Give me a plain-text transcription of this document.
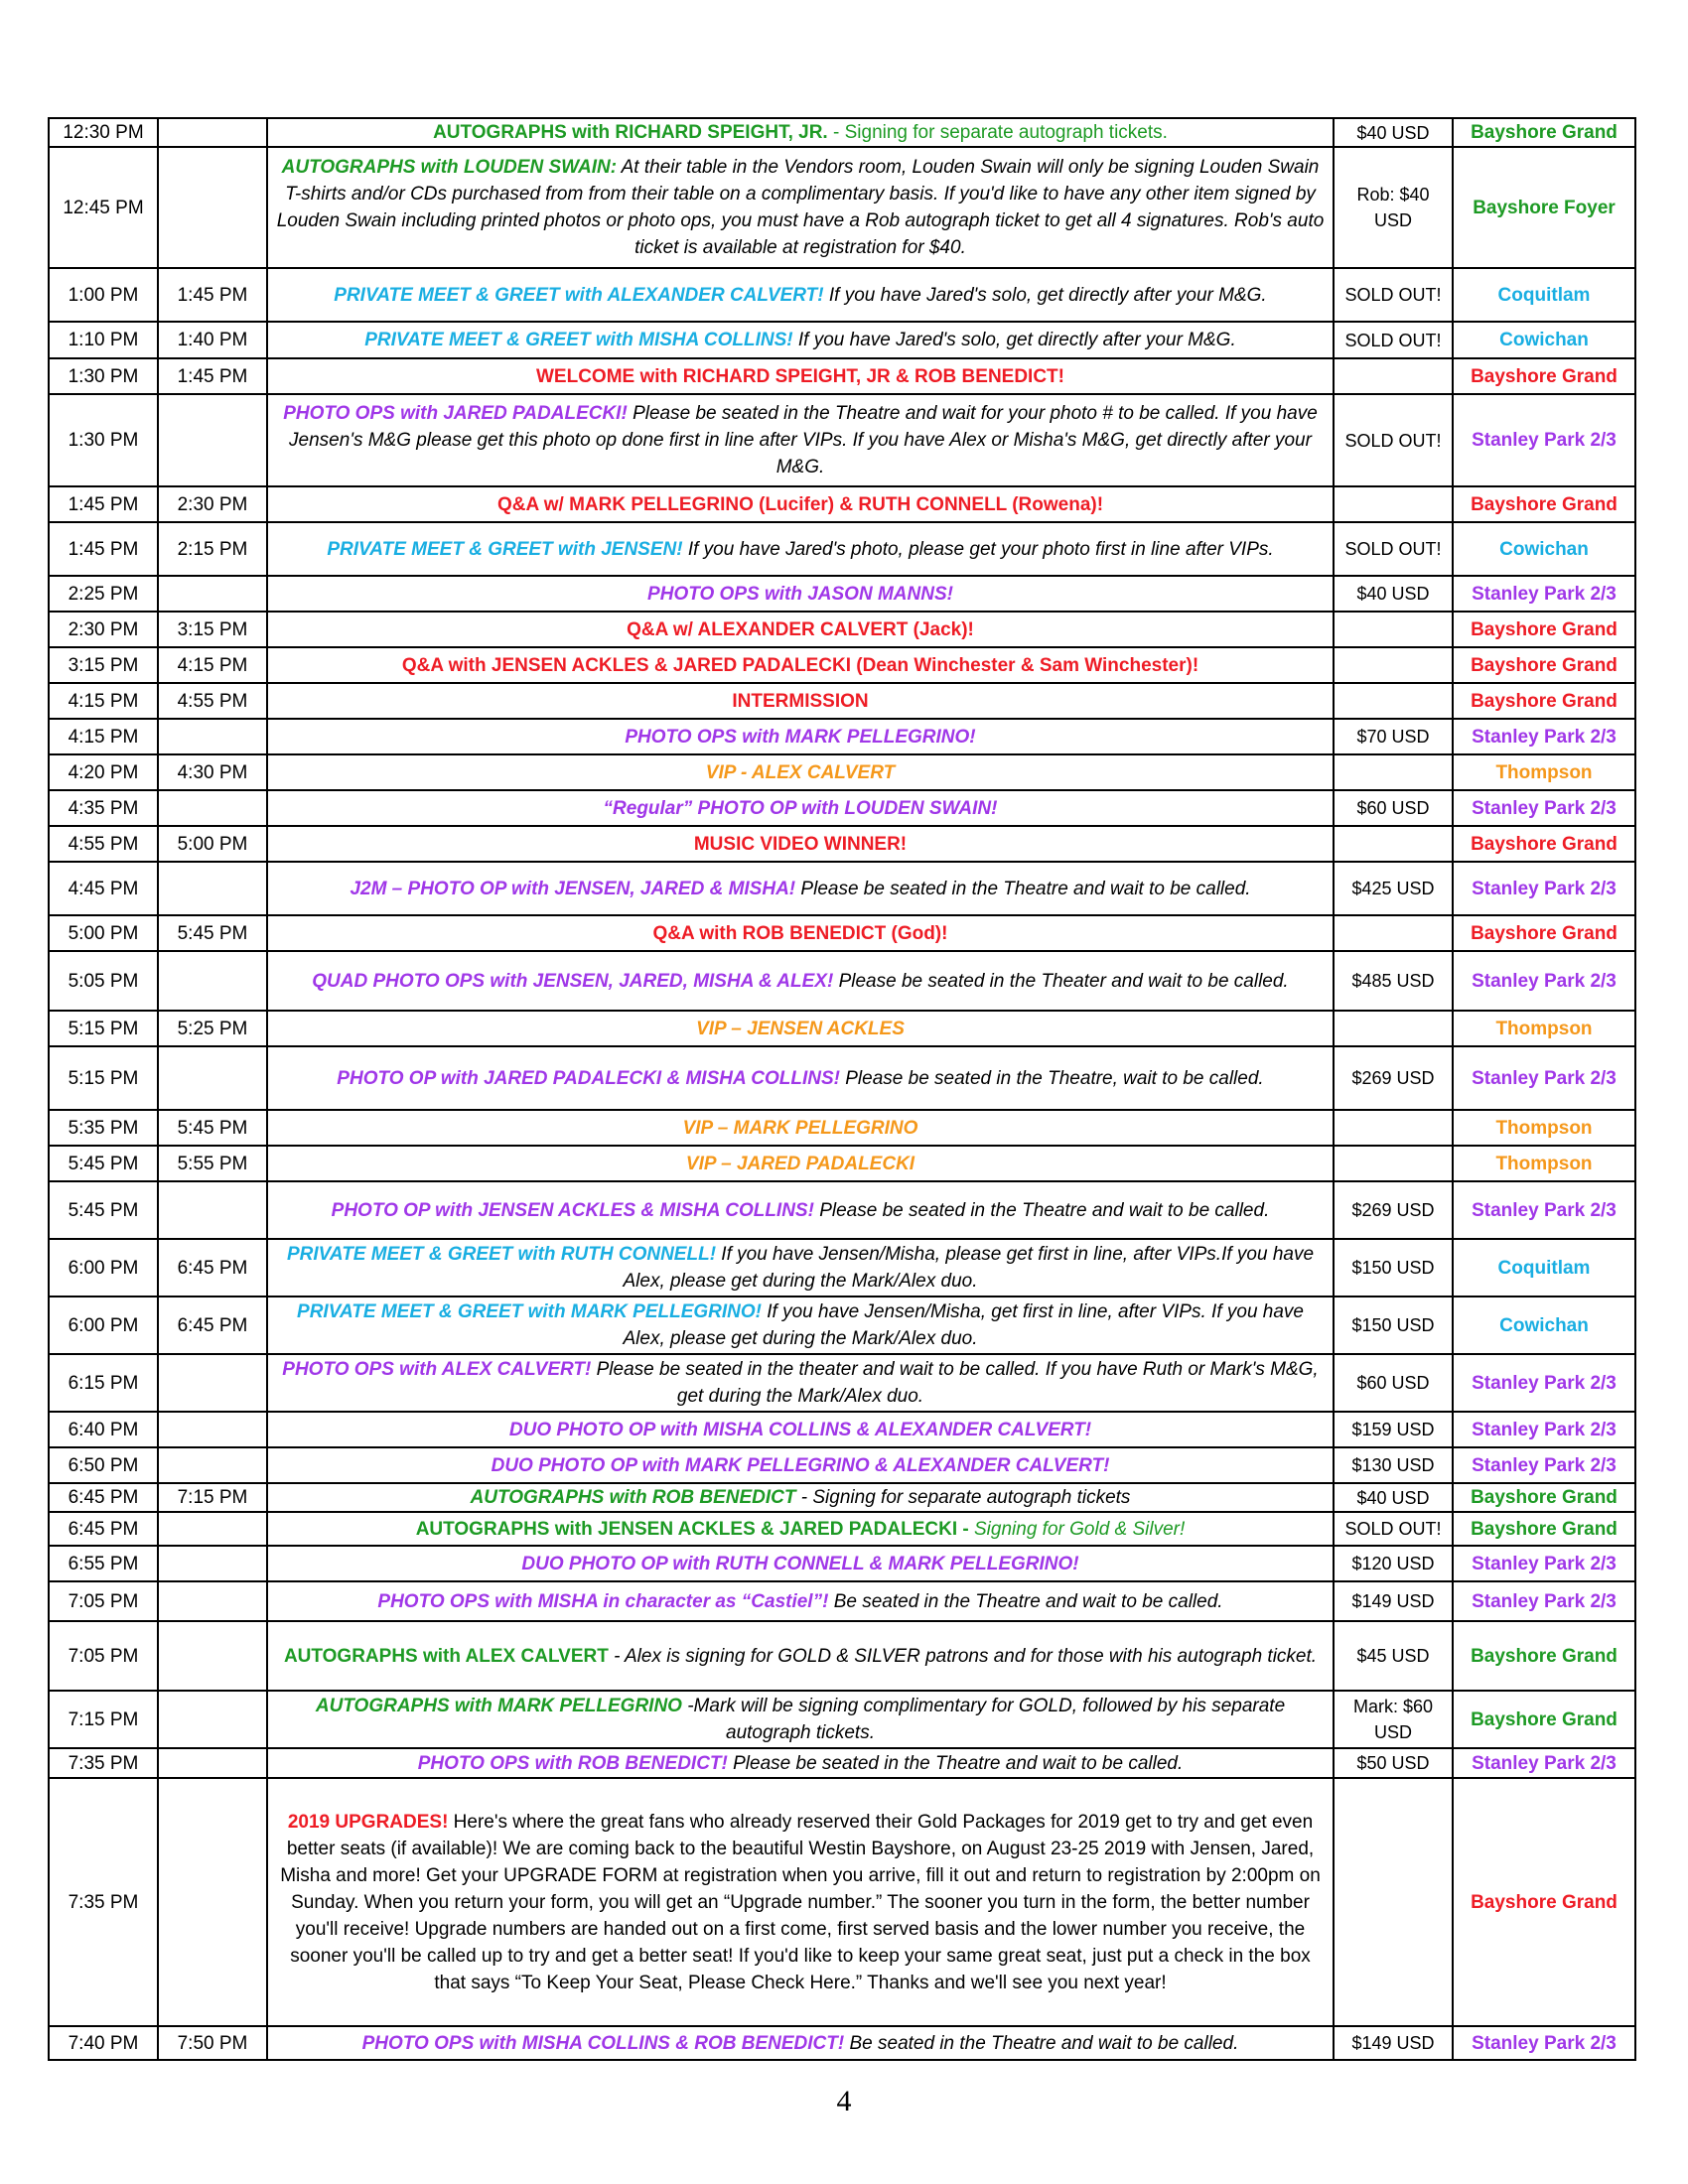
12:30 PM		AUTOGRAPHS with RICHARD SPEIGHT, JR. - Signing for separate autograph tickets.	$40 USD	Bayshore Grand
12:45 PM		AUTOGRAPHS with LOUDEN SWAIN: At their table in the Vendors room, Louden Swain will only be signing Louden Swain T-shirts and/or CDs purchased from from their table on a complimentary basis. If you'd like to have any other item signed by Louden Swain including printed photos or photo ops, you must have a Rob autograph ticket to get all 4 signatures. Rob's auto ticket is available at registration for $40.	Rob: $40 USD	Bayshore Foyer
1:00 PM	1:45 PM	PRIVATE MEET & GREET with ALEXANDER CALVERT! If you have Jared's solo, get directly after your M&G.	SOLD OUT!	Coquitlam
1:10 PM	1:40 PM	PRIVATE MEET & GREET with MISHA COLLINS! If you have Jared's solo, get directly after your M&G.	SOLD OUT!	Cowichan
1:30 PM	1:45 PM	WELCOME with RICHARD SPEIGHT, JR & ROB BENEDICT!		Bayshore Grand
1:30 PM		PHOTO OPS with JARED PADALECKI! Please be seated in the Theatre and wait for your photo # to be called. If you have Jensen's M&G please get this photo op done first in line after VIPs. If you have Alex or Misha's M&G, get directly after your M&G.	SOLD OUT!	Stanley Park 2/3
1:45 PM	2:30 PM	Q&A w/ MARK PELLEGRINO (Lucifer) & RUTH CONNELL (Rowena)!		Bayshore Grand
1:45 PM	2:15 PM	PRIVATE MEET & GREET with JENSEN! If you have Jared's photo, please get your photo first in line after VIPs.	SOLD OUT!	Cowichan
2:25 PM		PHOTO OPS with JASON MANNS!	$40 USD	Stanley Park 2/3
2:30 PM	3:15 PM	Q&A w/ ALEXANDER CALVERT (Jack)!		Bayshore Grand
3:15 PM	4:15 PM	Q&A with JENSEN ACKLES & JARED PADALECKI (Dean Winchester & Sam Winchester)!		Bayshore Grand
4:15 PM	4:55 PM	INTERMISSION		Bayshore Grand
4:15 PM		PHOTO OPS with MARK PELLEGRINO!	$70 USD	Stanley Park 2/3
4:20 PM	4:30 PM	VIP - ALEX CALVERT		Thompson
4:35 PM		“Regular” PHOTO OP with LOUDEN SWAIN!	$60 USD	Stanley Park 2/3
4:55 PM	5:00 PM	MUSIC VIDEO WINNER!		Bayshore Grand
4:45 PM		J2M – PHOTO OP with JENSEN, JARED & MISHA! Please be seated in the Theatre and wait to be called.	$425 USD	Stanley Park 2/3
5:00 PM	5:45 PM	Q&A with ROB BENEDICT (God)!		Bayshore Grand
5:05 PM		QUAD PHOTO OPS with JENSEN, JARED, MISHA & ALEX! Please be seated in the Theater and wait to be called.	$485 USD	Stanley Park 2/3
5:15 PM	5:25 PM	VIP – JENSEN ACKLES		Thompson
5:15 PM		PHOTO OP with JARED PADALECKI & MISHA COLLINS! Please be seated in the Theatre, wait to be called.	$269 USD	Stanley Park 2/3
5:35 PM	5:45 PM	VIP – MARK PELLEGRINO		Thompson
5:45 PM	5:55 PM	VIP – JARED PADALECKI		Thompson
5:45 PM		PHOTO OP with JENSEN ACKLES & MISHA COLLINS! Please be seated in the Theatre and wait to be called.	$269 USD	Stanley Park 2/3
6:00 PM	6:45 PM	PRIVATE MEET & GREET with RUTH CONNELL! If you have Jensen/Misha, please get first in line, after VIPs.If you have Alex, please get during the Mark/Alex duo.	$150 USD	Coquitlam
6:00 PM	6:45 PM	PRIVATE MEET & GREET with MARK PELLEGRINO! If you have Jensen/Misha, get first in line, after VIPs. If you have Alex, please get during the Mark/Alex duo.	$150 USD	Cowichan
6:15 PM		PHOTO OPS with ALEX CALVERT! Please be seated in the theater and wait to be called. If you have Ruth or Mark's M&G, get during the Mark/Alex duo.	$60 USD	Stanley Park 2/3
6:40 PM		DUO PHOTO OP with MISHA COLLINS & ALEXANDER CALVERT!	$159 USD	Stanley Park 2/3
6:50 PM		DUO PHOTO OP with MARK PELLEGRINO & ALEXANDER CALVERT!	$130 USD	Stanley Park 2/3
6:45 PM	7:15 PM	AUTOGRAPHS with ROB BENEDICT - Signing for separate autograph tickets	$40 USD	Bayshore Grand
6:45 PM		AUTOGRAPHS with JENSEN ACKLES & JARED PADALECKI - Signing for Gold & Silver!	SOLD OUT!	Bayshore Grand
6:55 PM		DUO PHOTO OP with RUTH CONNELL & MARK PELLEGRINO!	$120 USD	Stanley Park 2/3
7:05 PM		PHOTO OPS with MISHA in character as “Castiel”! Be seated in the Theatre and wait to be called.	$149 USD	Stanley Park 2/3
7:05 PM		AUTOGRAPHS with ALEX CALVERT - Alex is signing for GOLD & SILVER patrons and for those with his autograph ticket.	$45 USD	Bayshore Grand
7:15 PM		AUTOGRAPHS with MARK PELLEGRINO -Mark will be signing complimentary for GOLD, followed by his separate autograph tickets.	Mark: $60 USD	Bayshore Grand
7:35 PM		PHOTO OPS with ROB BENEDICT! Please be seated in the Theatre and wait to be called.	$50 USD	Stanley Park 2/3
7:35 PM		2019 UPGRADES! Here's where the great fans who already reserved their Gold Packages for 2019 get to try and get even better seats (if available)! We are coming back to the beautiful Westin Bayshore, on August 23-25 2019 with Jensen, Jared, Misha and more! Get your UPGRADE FORM at registration when you arrive, fill it out and return to registration by 2:00pm on Sunday. When you return your form, you will get an “Upgrade number.” The sooner you turn in the form, the better number you'll receive! Upgrade numbers are handed out on a first come, first served basis and the lower number you receive, the sooner you'll be called up to try and get a better seat! If you'd like to keep your same great seat, just put a check in the box that says “To Keep Your Seat, Please Check Here.” Thanks and we'll see you next year!		Bayshore Grand
7:40 PM	7:50 PM	PHOTO OPS with MISHA COLLINS & ROB BENEDICT! Be seated in the Theatre and wait to be called.	$149 USD	Stanley Park 2/3
4
